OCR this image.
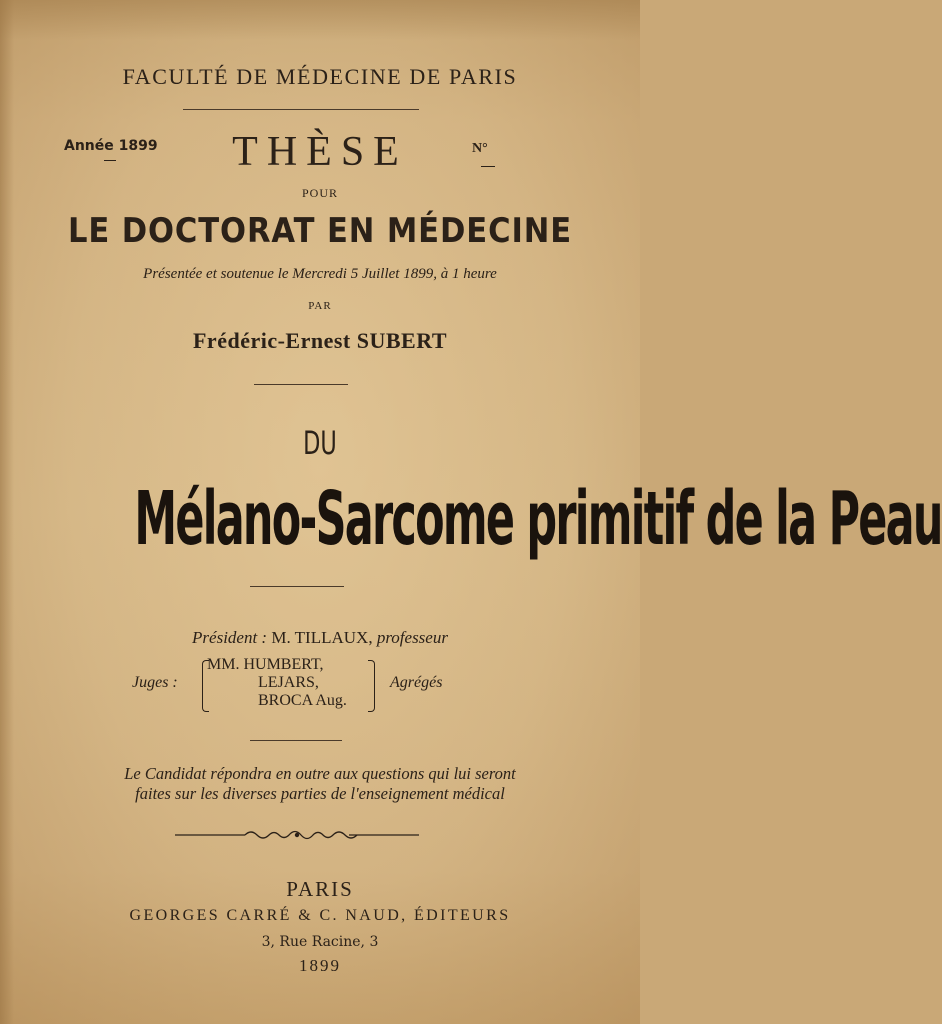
FACULTÉ DE MÉDECINE DE PARIS
Année 1899	THÈSE	N°
POUR
LE DOCTORAT EN MÉDECINE
Présentée et soutenue le Mercredi 5 Juillet 1899, à 1 heure
PAR
Frédéric-Ernest SUBERT
DU
Mélano-Sarcome primitif de la Peau
Président : M. TILLAUX, professeur
Juges :
MM. HUMBERT,
LEJARS,
BROCA Aug.
Agrégés
Le Candidat répondra en outre aux questions qui lui seront
faites sur les diverses parties de l'enseignement médical
PARIS
GEORGES CARRÉ & C. NAUD, ÉDITEURS
3, Rue Racine, 3
1899
